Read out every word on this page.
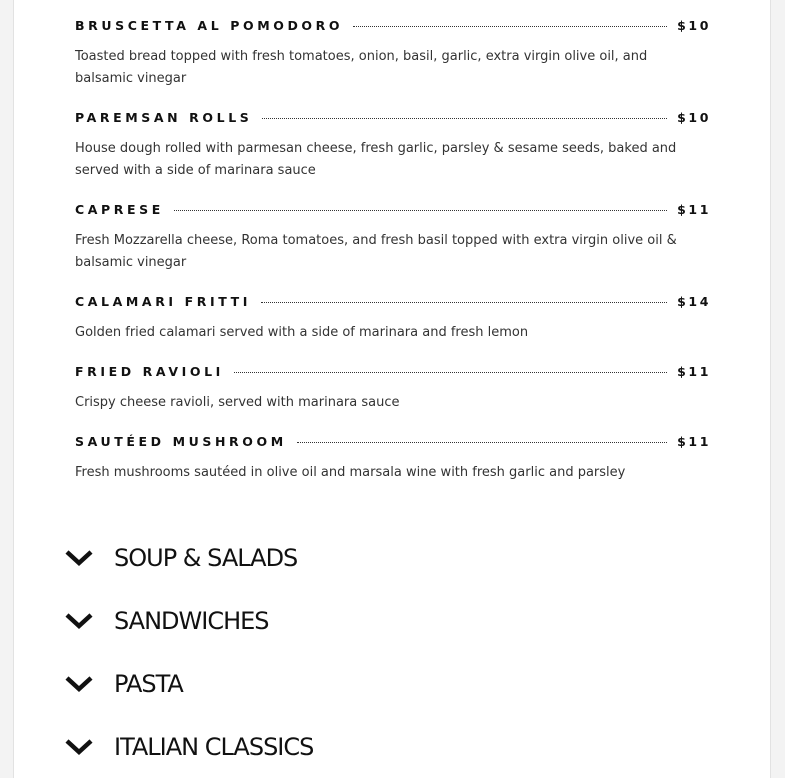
BRUSCETTA AL POMODORO	$10
Toasted bread topped with fresh tomatoes, onion, basil, garlic, extra virgin olive oil, and balsamic vinegar
PAREMSAN ROLLS	$10
House dough rolled with parmesan cheese, fresh garlic, parsley & sesame seeds, baked and served with a side of marinara sauce
CAPRESE	$11
Fresh Mozzarella cheese, Roma tomatoes, and fresh basil topped with extra virgin olive oil & balsamic vinegar
CALAMARI FRITTI	$14
Golden fried calamari served with a side of marinara and fresh lemon
FRIED RAVIOLI	$11
Crispy cheese ravioli, served with marinara sauce
SAUTÉED MUSHROOM	$11
Fresh mushrooms sautéed in olive oil and marsala wine with fresh garlic and parsley
SOUP & SALADS
SANDWICHES
PASTA
ITALIAN CLASSICS
